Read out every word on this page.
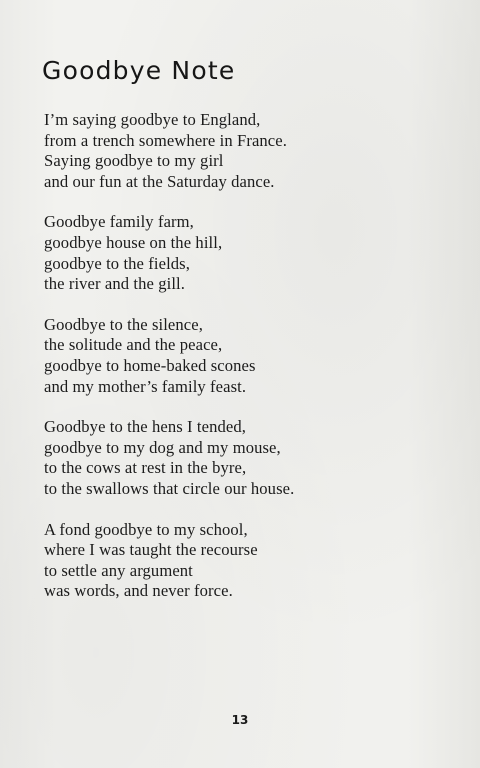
Goodbye Note

I’m saying goodbye to England,
from a trench somewhere in France.
Saying goodbye to my girl
and our fun at the Saturday dance.

Goodbye family farm,
goodbye house on the hill,
goodbye to the fields,
the river and the gill.

Goodbye to the silence,
the solitude and the peace,
goodbye to home-baked scones
and my mother’s family feast.

Goodbye to the hens I tended,
goodbye to my dog and my mouse,
to the cows at rest in the byre,
to the swallows that circle our house.

A fond goodbye to my school,
where I was taught the recourse
to settle any argument
was words, and never force.

13
